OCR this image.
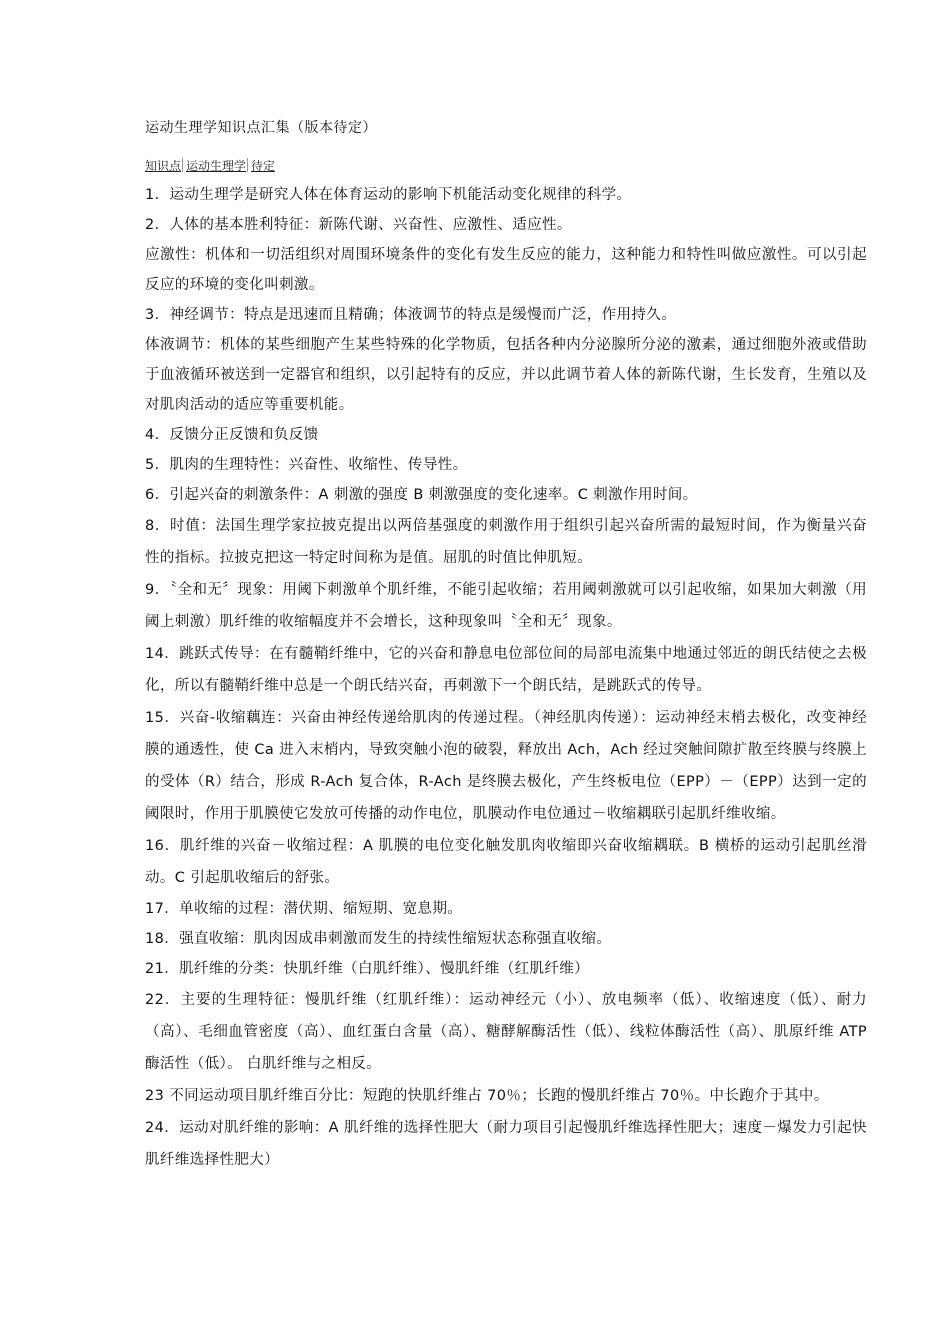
运动生理学知识点汇集（版本待定）
知识点 运动生理学 待定
1．运动生理学是研究人体在体育运动的影响下机能活动变化规律的科学。
2．人体的基本胜利特征：新陈代谢、兴奋性、应激性、适应性。
应激性：机体和一切活组织对周围环境条件的变化有发生反应的能力，这种能力和特性叫做应激性。可以引起反应的环境的变化叫刺激。
3．神经调节：特点是迅速而且精确；体液调节的特点是缓慢而广泛，作用持久。
体液调节：机体的某些细胞产生某些特殊的化学物质，包括各种内分泌腺所分泌的激素，通过细胞外液或借助于血液循环被送到一定器官和组织，以引起特有的反应，并以此调节着人体的新陈代谢，生长发育，生殖以及对肌肉活动的适应等重要机能。
4．反馈分正反馈和负反馈
5．肌肉的生理特性：兴奋性、收缩性、传导性。
6．引起兴奋的刺激条件：A 刺激的强度 B 刺激强度的变化速率。C 刺激作用时间。
8．时值：法国生理学家拉披克提出以两倍基强度的刺激作用于组织引起兴奋所需的最短时间，作为衡量兴奋性的指标。拉披克把这一特定时间称为是值。屈肌的时值比伸肌短。
9．〝全和无〞现象：用阈下刺激单个肌纤维，不能引起收缩；若用阈刺激就可以引起收缩，如果加大刺激（用阈上刺激）肌纤维的收缩幅度并不会增长，这种现象叫〝全和无〞现象。
14．跳跃式传导：在有髓鞘纤维中，它的兴奋和静息电位部位间的局部电流集中地通过邻近的朗氏结使之去极化，所以有髓鞘纤维中总是一个朗氏结兴奋，再刺激下一个朗氏结，是跳跃式的传导。
15．兴奋-收缩藕连：兴奋由神经传递给肌肉的传递过程。（神经肌肉传递）：运动神经末梢去极化，改变神经膜的通透性，使 Ca 进入末梢内，导致突触小泡的破裂，释放出 Ach，Ach 经过突触间隙扩散至终膜与终膜上的受体（R）结合，形成 R-Ach 复合体，R-Ach 是终膜去极化，产生终板电位（EPP）－（EPP）达到一定的阈限时，作用于肌膜使它发放可传播的动作电位，肌膜动作电位通过－收缩耦联引起肌纤维收缩。
16．肌纤维的兴奋－收缩过程：A 肌膜的电位变化触发肌肉收缩即兴奋收缩耦联。B 横桥的运动引起肌丝滑动。C 引起肌收缩后的舒张。
17．单收缩的过程：潜伏期、缩短期、宽息期。
18．强直收缩：肌肉因成串刺激而发生的持续性缩短状态称强直收缩。
21．肌纤维的分类：快肌纤维（白肌纤维）、慢肌纤维（红肌纤维）
22．主要的生理特征：慢肌纤维（红肌纤维）：运动神经元（小）、放电频率（低）、收缩速度（低）、耐力（高）、毛细血管密度（高）、血红蛋白含量（高）、糖酵解酶活性（低）、线粒体酶活性（高）、肌原纤维 ATP 酶活性（低）。 白肌纤维与之相反。
23 不同运动项目肌纤维百分比：短跑的快肌纤维占 70％；长跑的慢肌纤维占 70％。中长跑介于其中。
24．运动对肌纤维的影响：A 肌纤维的选择性肥大（耐力项目引起慢肌纤维选择性肥大；速度－爆发力引起快肌纤维选择性肥大）
